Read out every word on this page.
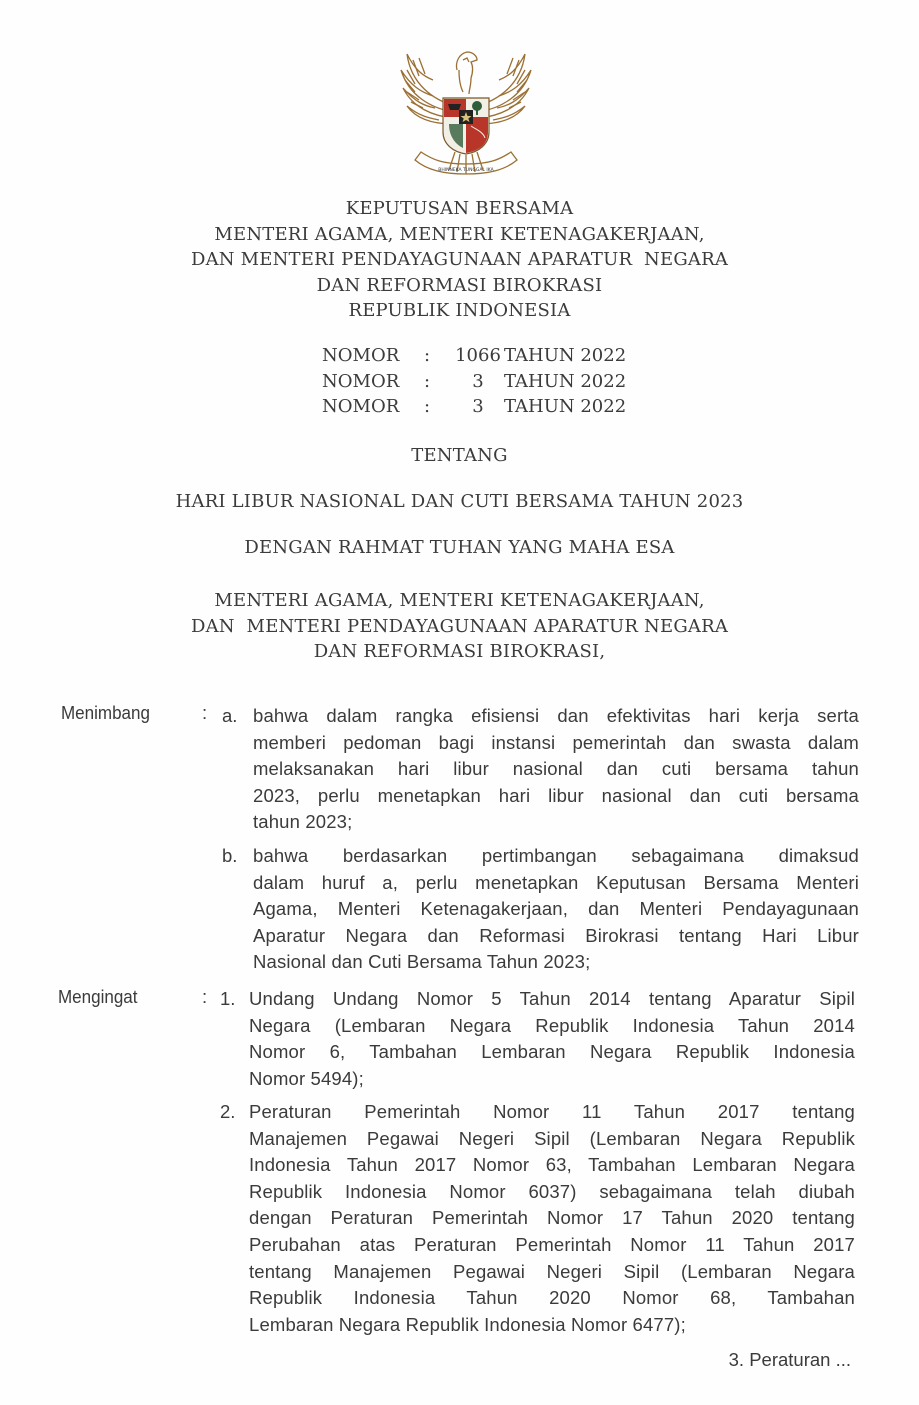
BHINNEKA TUNGGAL IKA
KEPUTUSAN BERSAMA
MENTERI AGAMA, MENTERI KETENAGAKERJAAN,
DAN MENTERI PENDAYAGUNAAN APARATUR  NEGARA
DAN REFORMASI BIROKRASI
REPUBLIK INDONESIA
NOMOR	:	1066	TAHUN 2022
NOMOR	:	3	TAHUN 2022
NOMOR	:	3	TAHUN 2022
TENTANG
HARI LIBUR NASIONAL DAN CUTI BERSAMA TAHUN 2023
DENGAN RAHMAT TUHAN YANG MAHA ESA
MENTERI AGAMA, MENTERI KETENAGAKERJAAN,
DAN  MENTERI PENDAYAGUNAAN APARATUR NEGARA
DAN REFORMASI BIROKRASI,
Menimbang	: a. bahwa dalam rangka efisiensi dan efektivitas hari kerja serta
memberi pedoman bagi instansi pemerintah dan swasta dalam
melaksanakan hari libur nasional dan cuti bersama tahun
2023, perlu menetapkan hari libur nasional dan cuti bersama
tahun 2023;
b. bahwa berdasarkan pertimbangan sebagaimana dimaksud
dalam huruf a, perlu menetapkan Keputusan Bersama Menteri
Agama, Menteri Ketenagakerjaan, dan Menteri Pendayagunaan
Aparatur Negara dan Reformasi Birokrasi tentang Hari Libur
Nasional dan Cuti Bersama Tahun 2023;
Mengingat	: 1. Undang Undang Nomor 5 Tahun 2014 tentang Aparatur Sipil
Negara (Lembaran Negara Republik Indonesia Tahun 2014
Nomor 6, Tambahan Lembaran Negara Republik Indonesia
Nomor 5494);
2. Peraturan Pemerintah Nomor 11 Tahun 2017 tentang
Manajemen Pegawai Negeri Sipil (Lembaran Negara Republik
Indonesia Tahun 2017 Nomor 63, Tambahan Lembaran Negara
Republik Indonesia Nomor 6037) sebagaimana telah diubah
dengan Peraturan Pemerintah Nomor 17 Tahun 2020 tentang
Perubahan atas Peraturan Pemerintah Nomor 11 Tahun 2017
tentang Manajemen Pegawai Negeri Sipil (Lembaran Negara
Republik Indonesia Tahun 2020 Nomor 68, Tambahan
Lembaran Negara Republik Indonesia Nomor 6477);
3. Peraturan ...
